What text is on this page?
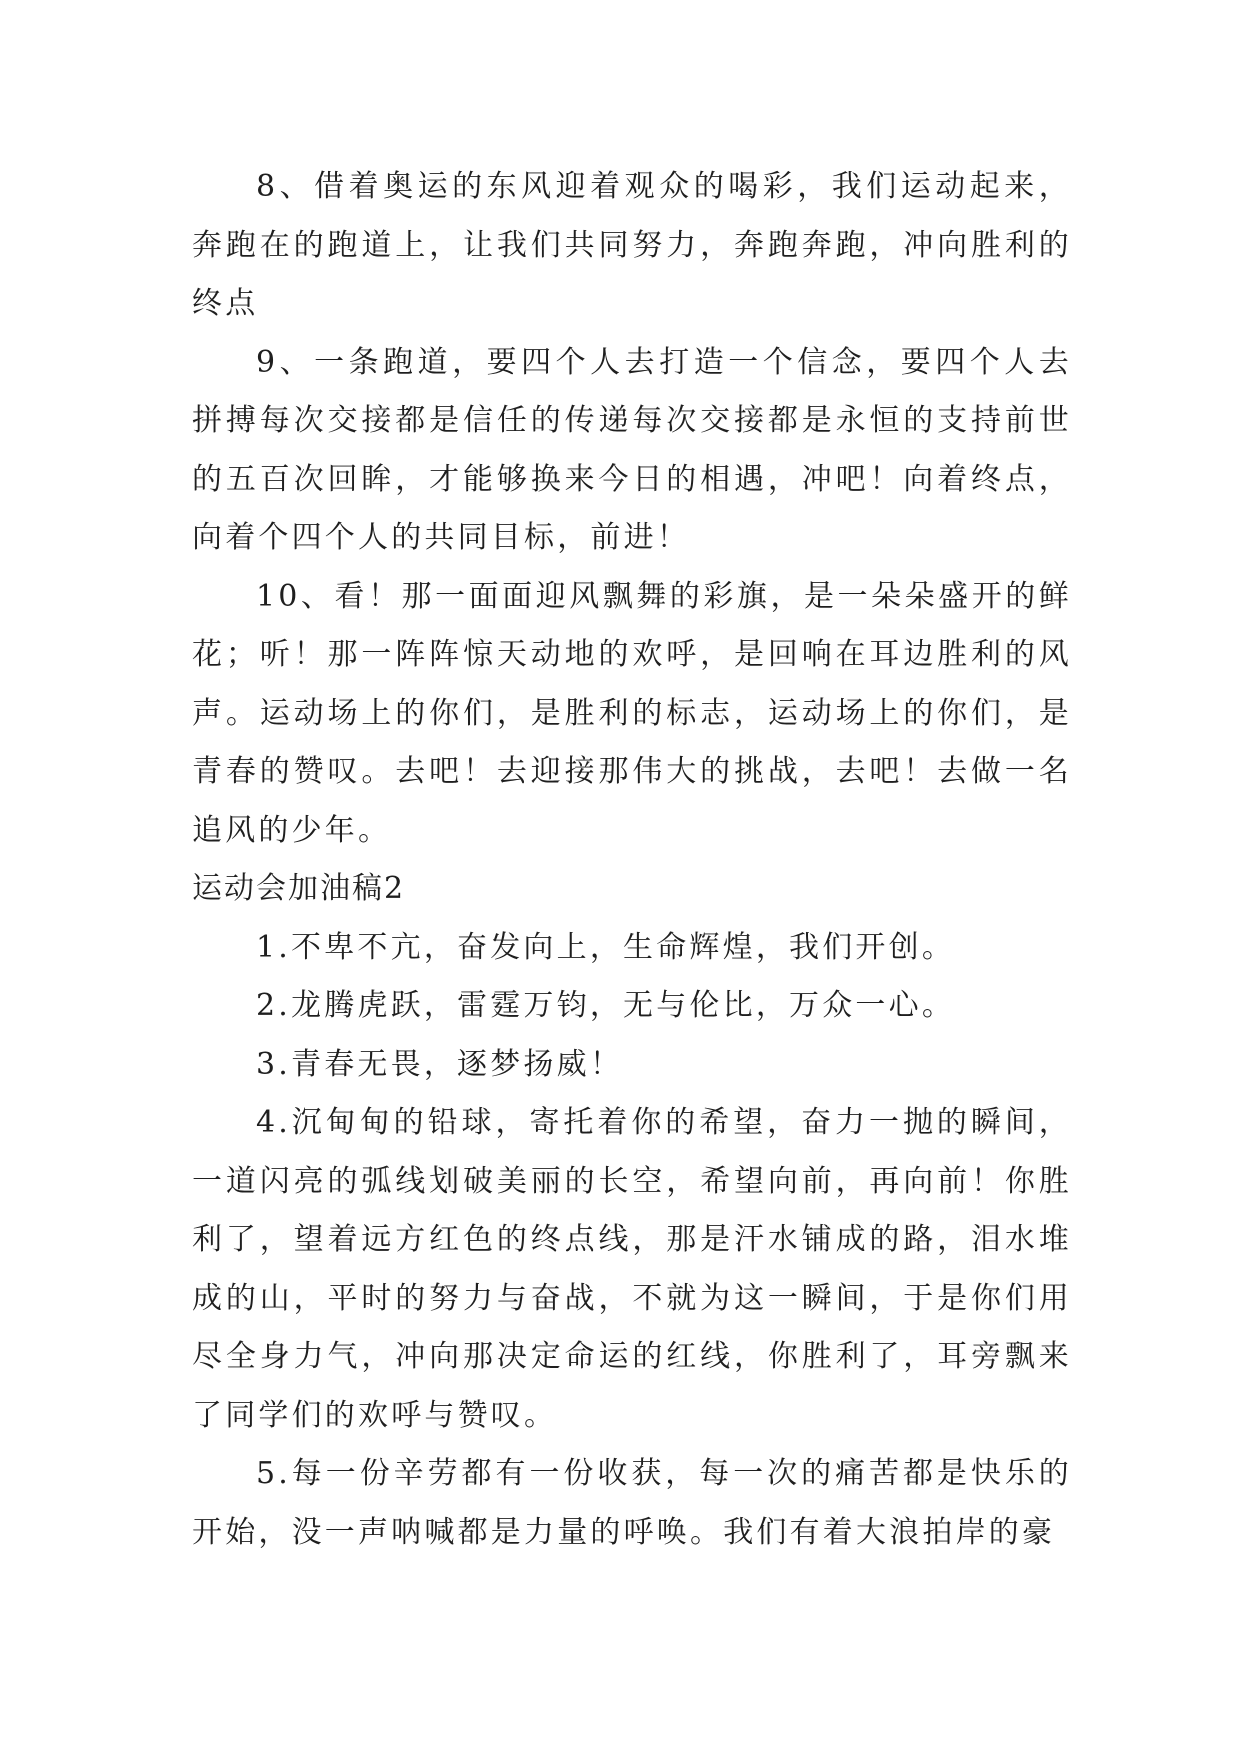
8、借着奥运的东风迎着观众的喝彩，我们运动起来，奔跑在的跑道上，让我们共同努力，奔跑奔跑，冲向胜利的终点

9、一条跑道，要四个人去打造一个信念，要四个人去拼搏每次交接都是信任的传递每次交接都是永恒的支持前世的五百次回眸，才能够换来今日的相遇，冲吧！向着终点，向着个四个人的共同目标，前进！

10、看！那一面面迎风飘舞的彩旗，是一朵朵盛开的鲜花；听！那一阵阵惊天动地的欢呼，是回响在耳边胜利的风声。运动场上的你们，是胜利的标志，运动场上的你们，是青春的赞叹。去吧！去迎接那伟大的挑战，去吧！去做一名追风的少年。

运动会加油稿2

1.不卑不亢，奋发向上，生命辉煌，我们开创。

2.龙腾虎跃，雷霆万钧，无与伦比，万众一心。

3.青春无畏，逐梦扬威！

4.沉甸甸的铅球，寄托着你的希望，奋力一抛的瞬间，一道闪亮的弧线划破美丽的长空，希望向前，再向前！你胜利了，望着远方红色的终点线，那是汗水铺成的路，泪水堆成的山，平时的努力与奋战，不就为这一瞬间，于是你们用尽全身力气，冲向那决定命运的红线，你胜利了，耳旁飘来了同学们的欢呼与赞叹。

5.每一份辛劳都有一份收获，每一次的痛苦都是快乐的开始，没一声呐喊都是力量的呼唤。我们有着大浪拍岸的豪
